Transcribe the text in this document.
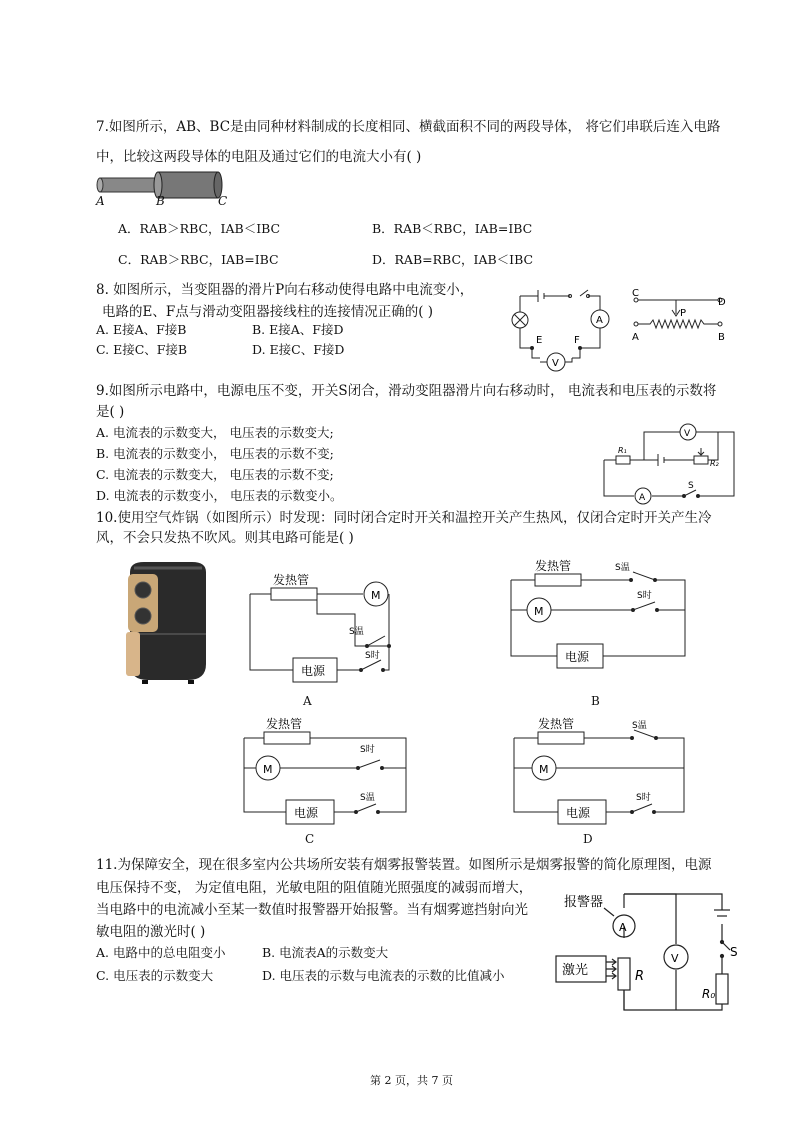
7.如图所示，AB、BC是由同种材料制成的长度相同、横截面积不同的两段导体， 将它们串联后连入电路
中，比较这两段导体的电阻及通过它们的电流大小有( )
A	B	C
A．RAB＞RBC，IAB＜IBC	B．RAB＜RBC，IAB=IBC
C．RAB＞RBC，IAB=IBC	D．RAB=RBC，IAB＜IBC
8. 如图所示，当变阻器的滑片P向右移动使得电路中电流变小，
电路的E、F点与滑动变阻器接线柱的连接情况正确的( )
A. E接A、F接B	B. E接A、F接D
C. E接C、F接B	D. E接C、F接D
A
V
E	F
C
D
P
A	B
9.如图所示电路中，电源电压不变，开关S闭合，滑动变阻器滑片向右移动时， 电流表和电压表的示数将
是( )
A. 电流表的示数变大， 电压表的示数变大;
B. 电流表的示数变小， 电压表的示数不变;
C. 电流表的示数变大， 电压表的示数不变;
D. 电流表的示数变小， 电压表的示数变小。	A
V
S
R₁
R₂
10.使用空气炸锅（如图所示）时发现：同时闭合定时开关和温控开关产生热风，仅闭合定时开关产生冷
风，不会只发热不吹风。则其电路可能是( )
发热管
M
电源
S温
S时
A
发热管
M
电源
S温
S时
B
发热管
M
电源
S时
S温
C
发热管
M
电源
S温
S时
D
11.为保障安全，现在很多室内公共场所安装有烟雾报警装置。如图所示是烟雾报警的简化原理图，电源
电压保持不变， 为定值电阻，光敏电阻的阻值随光照强度的减弱而增大，
当电路中的电流减小至某一数值时报警器开始报警。当有烟雾遮挡射向光
敏电阻的激光时( )
A. 电路中的总电阻变小	B. 电流表A的示数变大
C. 电压表的示数变大	D. 电压表的示数与电流表的示数的比值减小
报警器
激光
A
V
R
R₀
S
第 2 页，共 7 页
